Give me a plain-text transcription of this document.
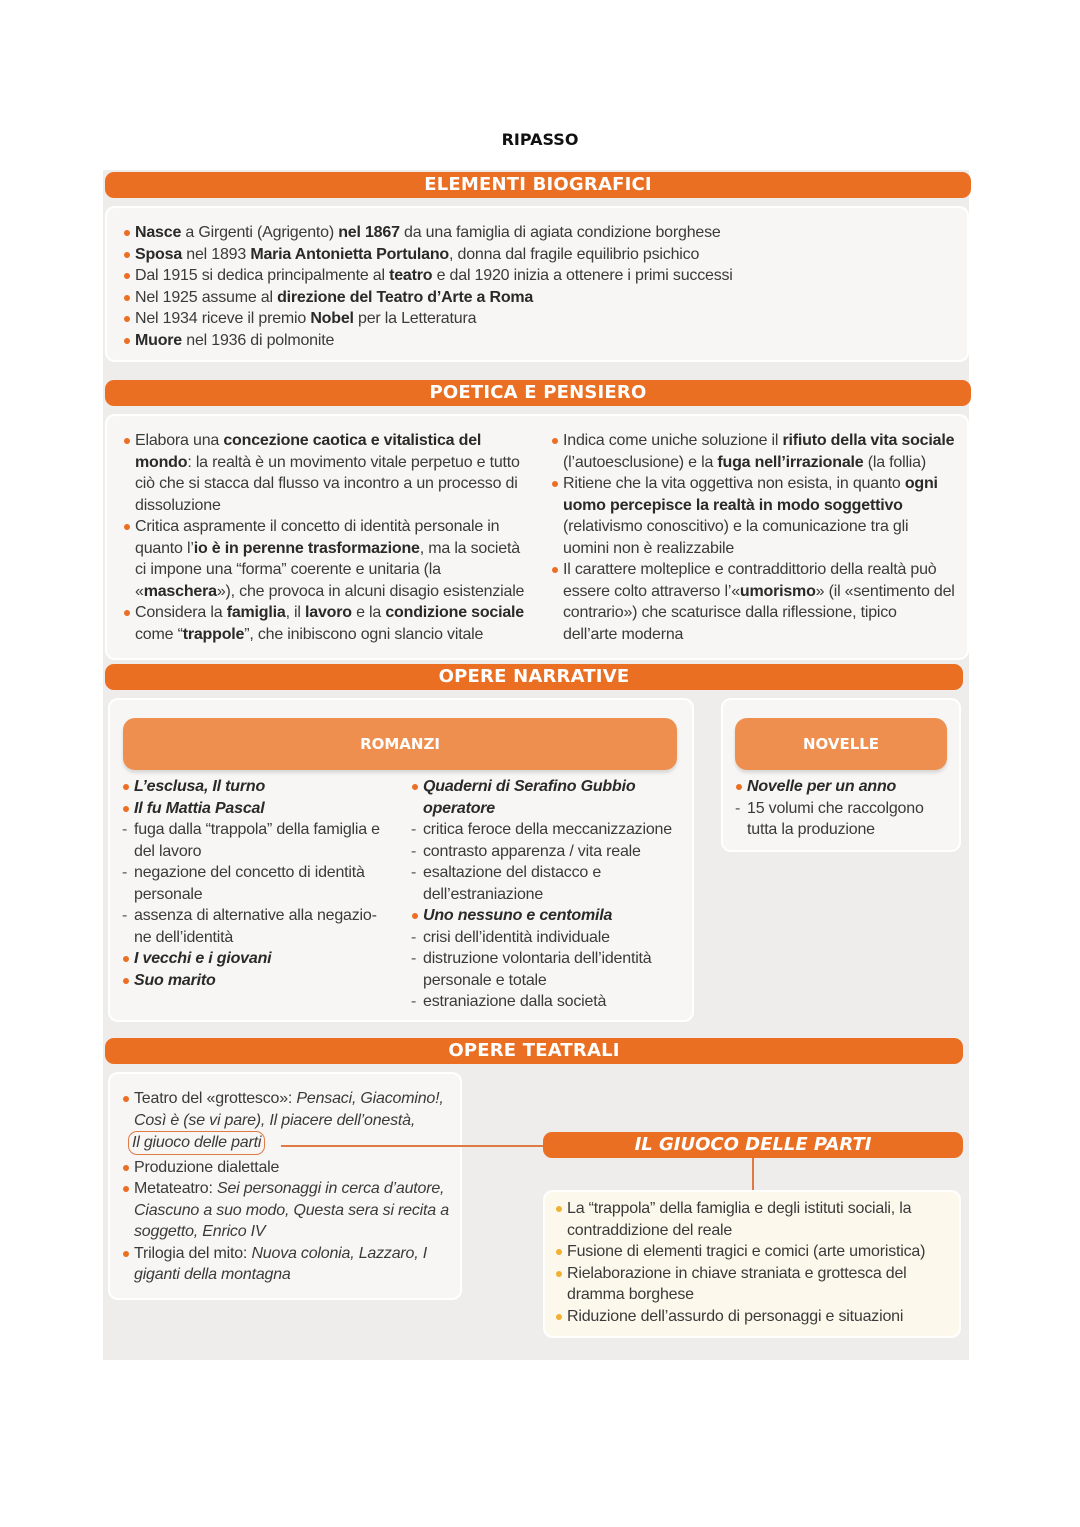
RIPASSO
ELEMENTI BIOGRAFICI
Nasce a Girgenti (Agrigento) nel 1867 da una famiglia di agiata condizione borghese
Sposa nel 1893 Maria Antonietta Portulano, donna dal fragile equilibrio psichico
Dal 1915 si dedica principalmente al teatro e dal 1920 inizia a ottenere i primi successi
Nel 1925 assume al direzione del Teatro d’Arte a Roma
Nel 1934 riceve il premio Nobel per la Letteratura
Muore nel 1936 di polmonite
POETICA E PENSIERO
Elabora una concezione caotica e vitalistica del mondo: la realtà è un movimento vitale perpetuo e tutto ciò che si stacca dal flusso va incontro a un processo di dissoluzione
Critica aspramente il concetto di identità personale in quanto l’io è in perenne trasformazione, ma la società ci impone una “forma” coerente e unitaria (la «maschera»), che provoca in alcuni disagio esistenziale
Considera la famiglia, il lavoro e la condizione sociale come “trappole”, che inibiscono ogni slancio vitale
Indica come uniche soluzione il rifiuto della vita sociale (l’autoesclusione) e la fuga nell’irrazionale (la follia)
Ritiene che la vita oggettiva non esista, in quanto ogni uomo percepisce la realtà in modo soggettivo (relativismo conoscitivo) e la comunicazione tra gli uomini non è realizzabile
Il carattere molteplice e contraddittorio della realtà può essere colto attraverso l’«umorismo» (il «sentimento del contrario») che scaturisce dalla riflessione, tipico dell’arte moderna
OPERE NARRATIVE
ROMANZI
L’esclusa, Il turno
Il fu Mattia Pascal
- fuga dalla “trappola” della famiglia e del lavoro
- negazione del concetto di identità personale
- assenza di alternative alla negazio-ne dell’identità
I vecchi e i giovani
Suo marito
Quaderni di Serafino Gubbio operatore
- critica feroce della meccanizzazione
- contrasto apparenza / vita reale
- esaltazione del distacco e dell’estraniazione
Uno nessuno e centomila
- crisi dell’identità individuale
- distruzione volontaria dell’identità personale e totale
- estraniazione dalla società
NOVELLE
Novelle per un anno
- 15 volumi che raccolgono tutta la produzione
OPERE TEATRALI
Teatro del «grottesco»: Pensaci, Giacomino!, Così è (se vi pare), Il piacere dell’onestà,
Il giuoco delle parti
Produzione dialettale
Metateatro: Sei personaggi in cerca d’autore, Ciascuno a suo modo, Questa sera si recita a soggetto, Enrico IV
Trilogia del mito: Nuova colonia, Lazzaro, I giganti della montagna
IL GIUOCO DELLE PARTI
La “trappola” della famiglia e degli istituti sociali, la contraddizione del reale
Fusione di elementi tragici e comici (arte umoristica)
Rielaborazione in chiave straniata e grottesca del dramma borghese
Riduzione dell’assurdo di personaggi e situazioni
